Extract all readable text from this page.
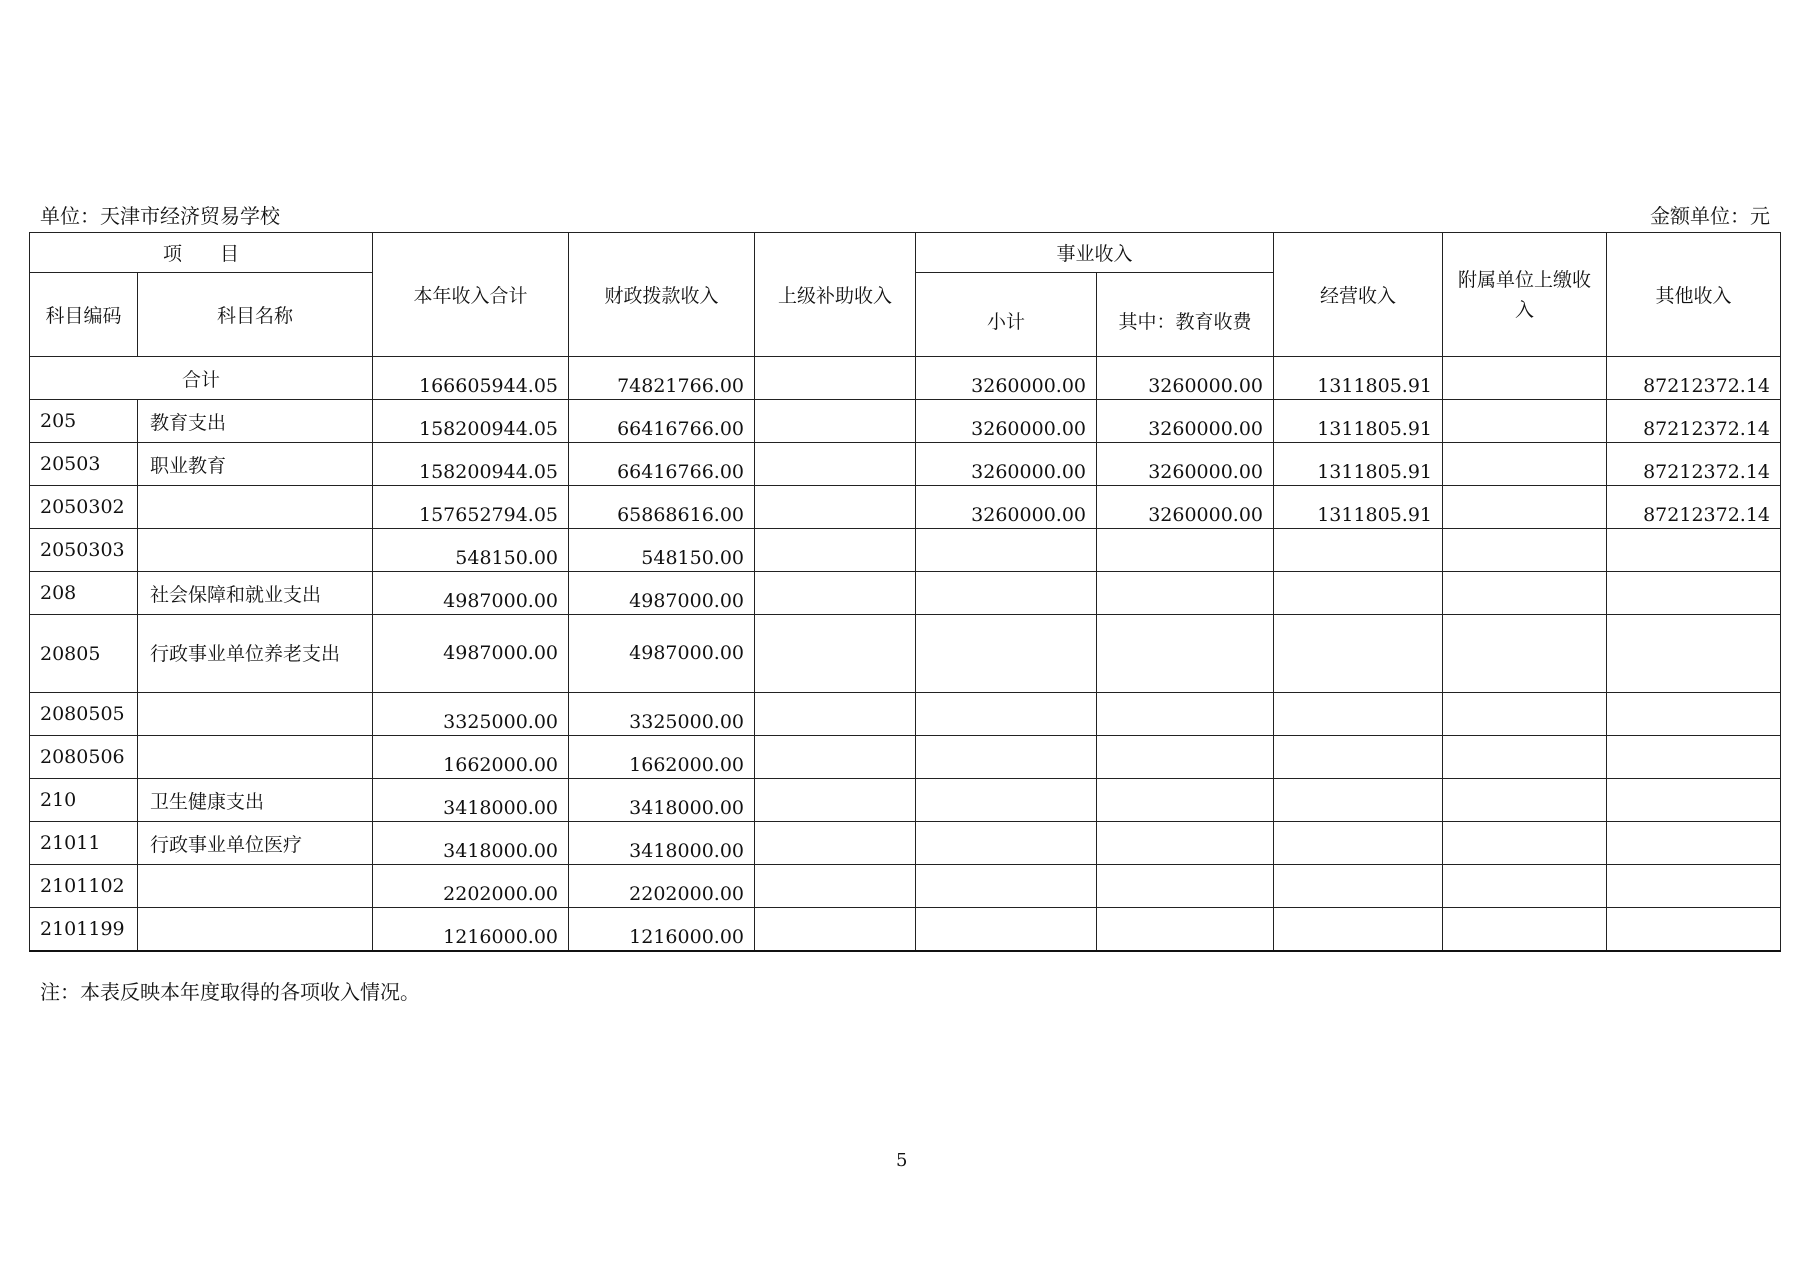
单位：天津市经济贸易学校	金额单位：元
项　　目		本年收入合计	财政拨款收入	上级补助收入	事业收入		经营收入	附属单位上缴收入	其他收入
科目编码	科目名称				小计	其中：教育收费			
合计		166605944.05	74821766.00		3260000.00	3260000.00	1311805.91		87212372.14
205	教育支出	158200944.05	66416766.00		3260000.00	3260000.00	1311805.91		87212372.14
20503	职业教育	158200944.05	66416766.00		3260000.00	3260000.00	1311805.91		87212372.14
2050302		157652794.05	65868616.00		3260000.00	3260000.00	1311805.91		87212372.14
2050303		548150.00	548150.00						
208	社会保障和就业支出	4987000.00	4987000.00						
20805	行政事业单位养老支出	4987000.00	4987000.00						
2080505		3325000.00	3325000.00						
2080506		1662000.00	1662000.00						
210	卫生健康支出	3418000.00	3418000.00						
21011	行政事业单位医疗	3418000.00	3418000.00						
2101102		2202000.00	2202000.00						
2101199		1216000.00	1216000.00						
注：本表反映本年度取得的各项收入情况。
5
